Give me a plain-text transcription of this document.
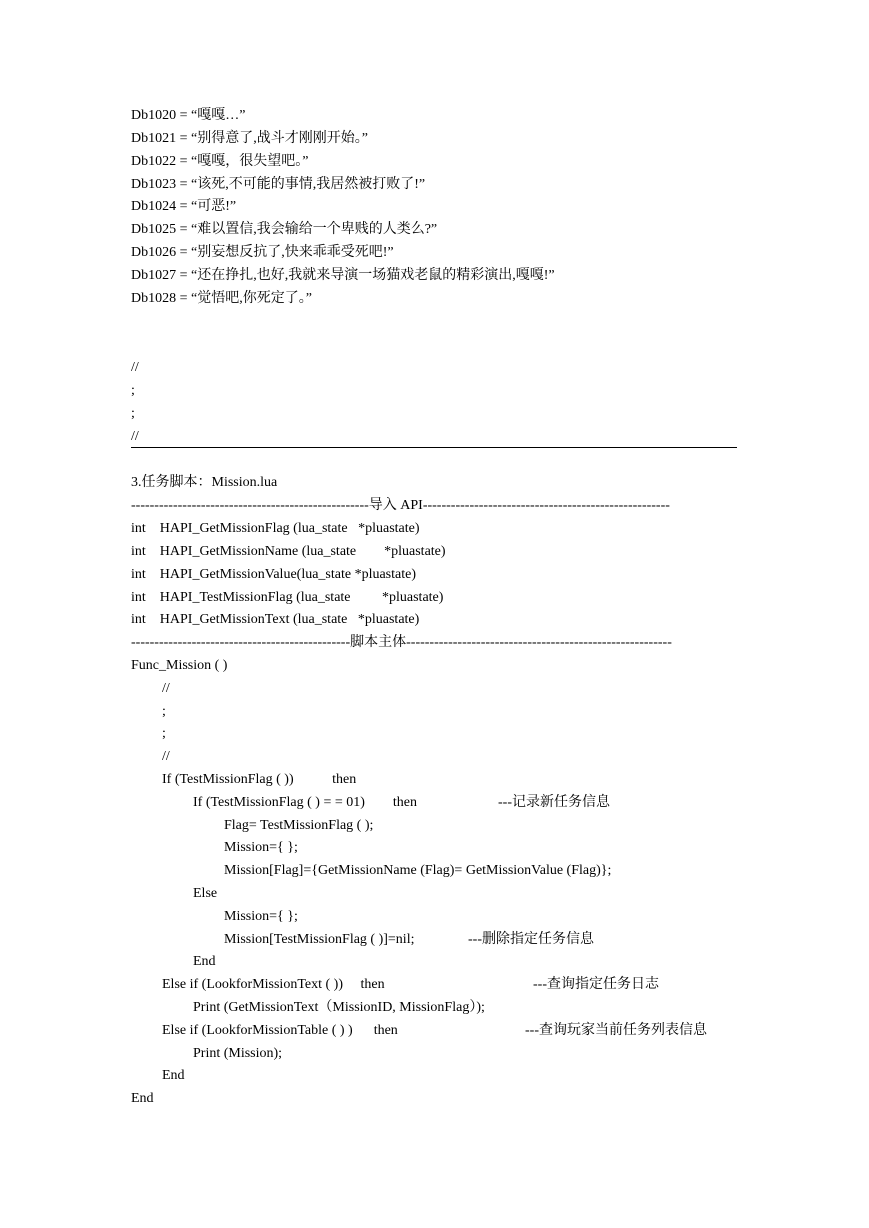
Db1020 = “嘎嘎…”
Db1021 = “别得意了,战斗才刚刚开始。”
Db1022 = “嘎嘎，很失望吧。”
Db1023 = “该死,不可能的事情,我居然被打败了!”
Db1024 = “可恶!”
Db1025 = “难以置信,我会输给一个卑贱的人类么?”
Db1026 = “别妄想反抗了,快来乖乖受死吧!”
Db1027 = “还在挣扎,也好,我就来导演一场猫戏老鼠的精彩演出,嘎嘎!”
Db1028 = “觉悟吧,你死定了。”
//
;
;
//
3.任务脚本：Mission.lua
---------------------------------------------------导入 API-----------------------------------------------------
int    HAPI_GetMissionFlag (lua_state   *pluastate)
int    HAPI_GetMissionName (lua_state        *pluastate)
int    HAPI_GetMissionValue(lua_state *pluastate)
int    HAPI_TestMissionFlag (lua_state         *pluastate)
int    HAPI_GetMissionText (lua_state   *pluastate)
-----------------------------------------------脚本主体---------------------------------------------------------
Func_Mission ( )
//
;
;
//
If (TestMissionFlag ( ))           then
If (TestMissionFlag ( ) = = 01)        then	---记录新任务信息
Flag= TestMissionFlag ( );
Mission={ };
Mission[Flag]={GetMissionName (Flag)= GetMissionValue (Flag)};
Else
Mission={ };
Mission[TestMissionFlag ( )]=nil;	---删除指定任务信息
End
Else if (LookforMissionText ( ))     then	---查询指定任务日志
Print (GetMissionText（MissionID, MissionFlag）);
Else if (LookforMissionTable ( ) )      then	---查询玩家当前任务列表信息
Print (Mission);
End
End
